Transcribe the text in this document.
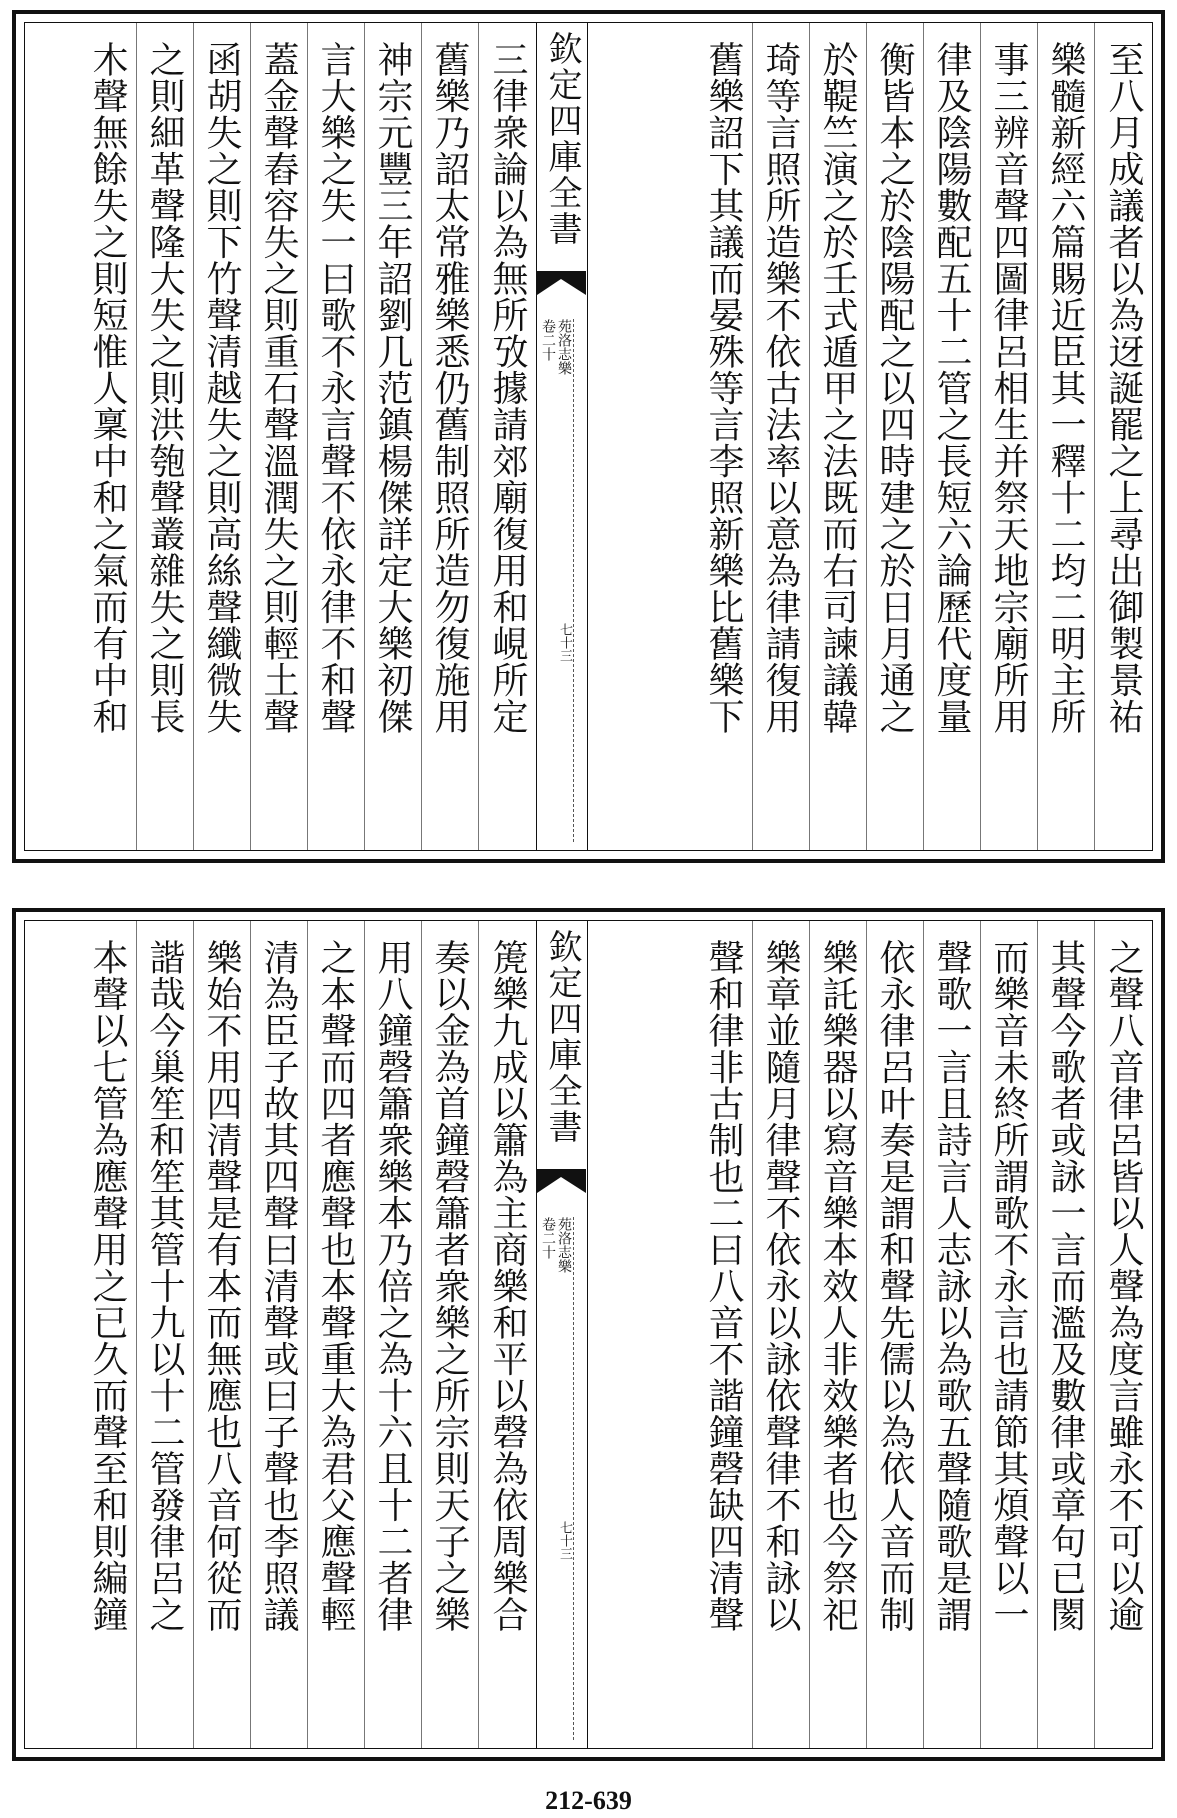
至八月成議者以為迓誕罷之上尋出御製景祐
樂髓新經六篇賜近臣其一釋十二均二明主所
事三辨音聲四圖律呂相生并祭天地宗廟所用
律及陰陽數配五十二管之長短六論歷代度量
衡皆本之於陰陽配之以四時建之於日月通之
於鞮竺演之於壬式遁甲之法既而右司諫議韓
琦等言照所造樂不依古法率以意為律請復用
舊樂詔下其議而晏殊等言李照新樂比舊樂下
欽定四庫全書
苑洛志樂
卷二十
七十三
三律衆論以為無所攷據請郊廟復用和峴所定
舊樂乃詔太常雅樂悉仍舊制照所造勿復施用
神宗元豐三年詔劉几范鎮楊傑詳定大樂初傑
言大樂之失一曰歌不永言聲不依永律不和聲
蓋金聲舂容失之則重石聲溫潤失之則輕土聲
函胡失之則下竹聲清越失之則高絲聲纖微失
之則細革聲隆大失之則洪匏聲叢雜失之則長
木聲無餘失之則短惟人稟中和之氣而有中和
之聲八音律呂皆以人聲為度言雖永不可以逾
其聲今歌者或詠一言而濫及數律或章句已閡
而樂音未終所謂歌不永言也請節其煩聲以一
聲歌一言且詩言人志詠以為歌五聲隨歌是謂
依永律呂叶奏是謂和聲先儒以為依人音而制
樂託樂器以寫音樂本效人非效樂者也今祭祀
樂章並隨月律聲不依永以詠依聲律不和詠以
聲和律非古制也二曰八音不諧鐘磬缺四清聲
欽定四庫全書
苑洛志樂
卷二十
七十三
箎樂九成以簫為主商樂和平以磬為依周樂合
奏以金為首鐘磬簫者衆樂之所宗則天子之樂
用八鐘磬簫衆樂本乃倍之為十六且十二者律
之本聲而四者應聲也本聲重大為君父應聲輕
清為臣子故其四聲曰清聲或曰子聲也李照議
樂始不用四清聲是有本而無應也八音何從而
諧哉今巢笙和笙其管十九以十二管發律呂之
本聲以七管為應聲用之已久而聲至和則編鐘
212-639
